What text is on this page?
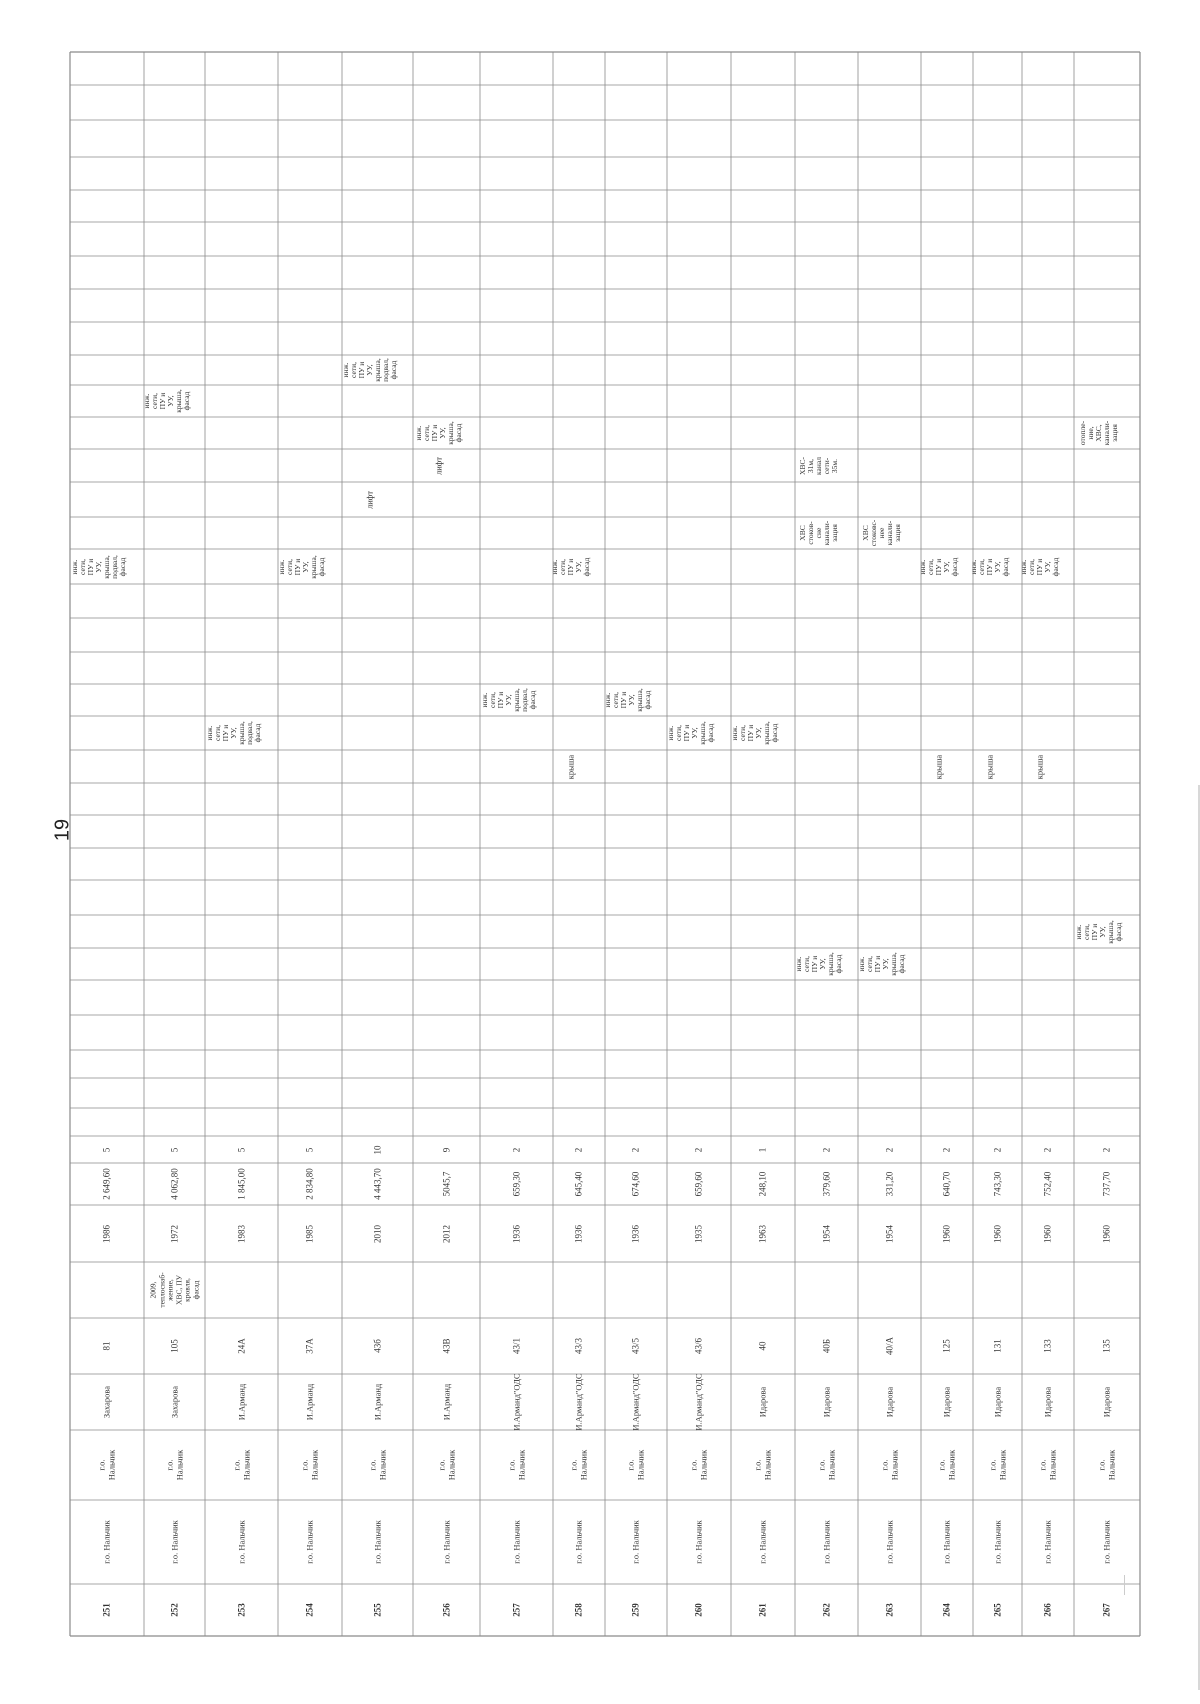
19
251
г.о. Нальчик
г.о.
Нальчик
Захарова
81
1986
2 649,60
5
инж.
сети,
ПУ и
УУ,
крыша,
подвал,
фасад
252
г.о. Нальчик
г.о.
Нальчик
Захарова
105
2009,
теплоснаб-
жение,
ХВС, ПУ
кровля,
фасад
1972
4 062,80
5
инж.
сети,
ПУ и
УУ,
крыша,
фасад
253
г.о. Нальчик
г.о.
Нальчик
И.Арманд
24А
1983
1 845,00
5
инж.
сети,
ПУ и
УУ,
крыша,
подвал,
фасад
254
г.о. Нальчик
г.о.
Нальчик
И.Арманд
37А
1985
2 834,80
5
инж.
сети,
ПУ и
УУ,
крыша,
фасад
255
г.о. Нальчик
г.о.
Нальчик
И.Арманд
43б
2010
4 443,70
10
инж.
сети,
ПУ и
УУ,
крыша,
подвал,
фасад
лифт
256
г.о. Нальчик
г.о.
Нальчик
И.Арманд
43В
2012
5045,7
9
инж.
сети,
ПУ и
УУ,
крыша,
фасад
лифт
257
г.о. Нальчик
г.о.
Нальчик
И.Арманд"ОДС
43/1
1936
659,30
2
инж.
сети,
ПУ и
УУ,
крыша,
подвал,
фасад
258
г.о. Нальчик
г.о.
Нальчик
И.Арманд"ОДС
43/3
1936
645,40
2
инж.
сети,
ПУ и
УУ,
фасад
крыша
259
г.о. Нальчик
г.о.
Нальчик
И.Арманд"ОДС
43/5
1936
674,60
2
инж.
сети,
ПУ и
УУ,
крыша,
фасад
260
г.о. Нальчик
г.о.
Нальчик
И.Арманд"ОДС
43/6
1935
659,60
2
инж.
сети,
ПУ и
УУ,
крыша,
фасад
261
г.о. Нальчик
г.о.
Нальчик
Идарова
40
1963
248,10
1
инж.
сети,
ПУ и
УУ,
крыша,
фасад
262
г.о. Нальчик
г.о.
Нальчик
Идарова
40Б
1954
379,60
2
ХВС
стоков-
сне
канали-
зация
ХВС-
31м,
канал
сети-
35м.
инж.
сети,
ПУ и
УУ,
крыша,
фасад
263
г.о. Нальчик
г.о.
Нальчик
Идарова
40/А
1954
331,20
2
ХВС
стоковс-
нее
канали-
зация
инж.
сети,
ПУ и
УУ,
крыша,
фасад
264
г.о. Нальчик
г.о.
Нальчик
Идарова
125
1960
640,70
2
инж.
сети,
ПУ и
УУ,
фасад
крыша
265
г.о. Нальчик
г.о.
Нальчик
Идарова
131
1960
743,30
2
инж.
сети,
ПУ и
УУ,
фасад
крыша
266
г.о. Нальчик
г.о.
Нальчик
Идарова
133
1960
752,40
2
инж.
сети,
ПУ и
УУ,
фасад
крыша
267
г.о. Нальчик
г.о.
Нальчик
Идарова
135
1960
737,70
2
отопле-
ние,
ХВС,
канали-
зация
инж.
сети,
ПУ и
УУ,
крыша,
фасад
